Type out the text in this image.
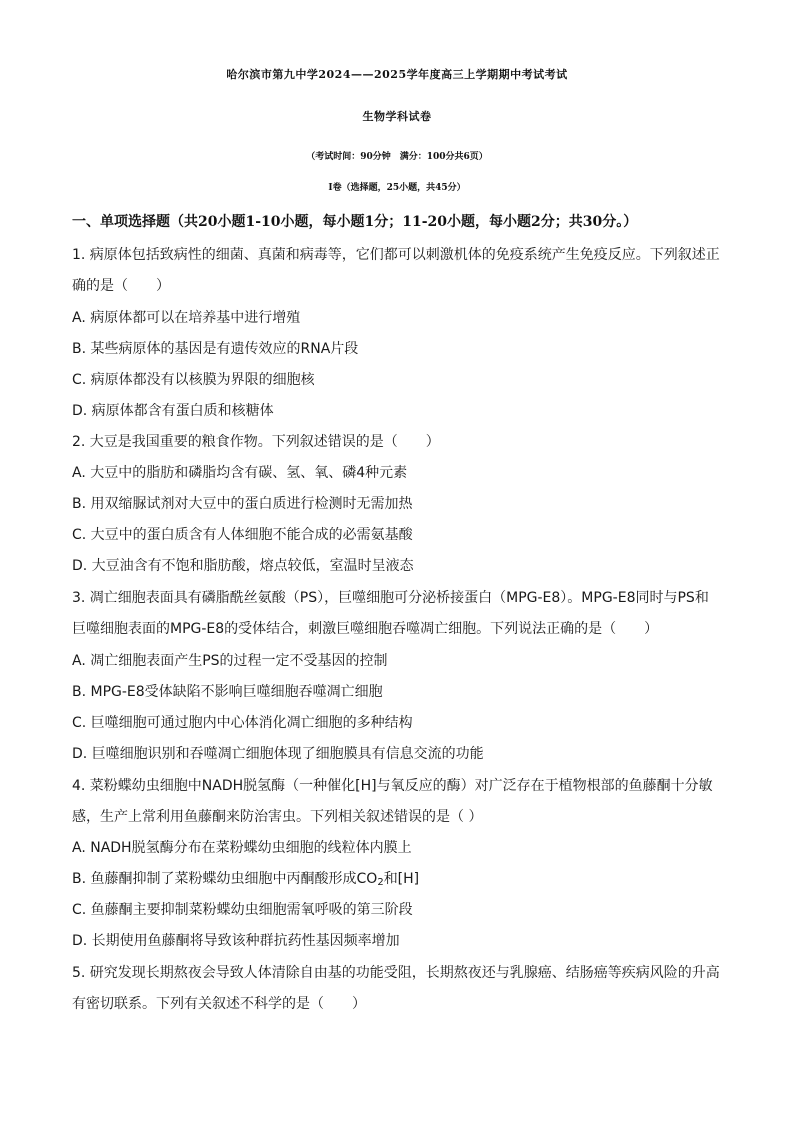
哈尔滨市第九中学2024——2025学年度高三上学期期中考试考试
生物学科试卷
（考试时间：90分钟　满分：100分共6页）
Ⅰ卷（选择题，25小题，共45分）
一、单项选择题（共20小题1-10小题，每小题1分；11-20小题，每小题2分；共30分。）
1. 病原体包括致病性的细菌、真菌和病毒等，它们都可以刺激机体的免疫系统产生免疫反应。下列叙述正
确的是（　　）
A. 病原体都可以在培养基中进行增殖
B. 某些病原体的基因是有遗传效应的RNA片段
C. 病原体都没有以核膜为界限的细胞核
D. 病原体都含有蛋白质和核糖体
2. 大豆是我国重要的粮食作物。下列叙述错误的是（　　）
A. 大豆中的脂肪和磷脂均含有碳、氢、氧、磷4种元素
B. 用双缩脲试剂对大豆中的蛋白质进行检测时无需加热
C. 大豆中的蛋白质含有人体细胞不能合成的必需氨基酸
D. 大豆油含有不饱和脂肪酸，熔点较低，室温时呈液态
3. 凋亡细胞表面具有磷脂酰丝氨酸（PS），巨噬细胞可分泌桥接蛋白（MPG-E8）。MPG-E8同时与PS和
巨噬细胞表面的MPG-E8的受体结合，刺激巨噬细胞吞噬凋亡细胞。下列说法正确的是（　　）
A. 凋亡细胞表面产生PS的过程一定不受基因的控制
B. MPG-E8受体缺陷不影响巨噬细胞吞噬凋亡细胞
C. 巨噬细胞可通过胞内中心体消化凋亡细胞的多种结构
D. 巨噬细胞识别和吞噬凋亡细胞体现了细胞膜具有信息交流的功能
4. 菜粉蝶幼虫细胞中NADH脱氢酶（一种催化[H]与氧反应的酶）对广泛存在于植物根部的鱼藤酮十分敏
感，生产上常利用鱼藤酮来防治害虫。下列相关叙述错误的是（ ）
A. NADH脱氢酶分布在菜粉蝶幼虫细胞的线粒体内膜上
B. 鱼藤酮抑制了菜粉蝶幼虫细胞中丙酮酸形成$CO_2$和[H]
C. 鱼藤酮主要抑制菜粉蝶幼虫细胞需氧呼吸的第三阶段
D. 长期使用鱼藤酮将导致该种群抗药性基因频率增加
5. 研究发现长期熬夜会导致人体清除自由基的功能受阻，长期熬夜还与乳腺癌、结肠癌等疾病风险的升高
有密切联系。下列有关叙述不科学的是（　　）
